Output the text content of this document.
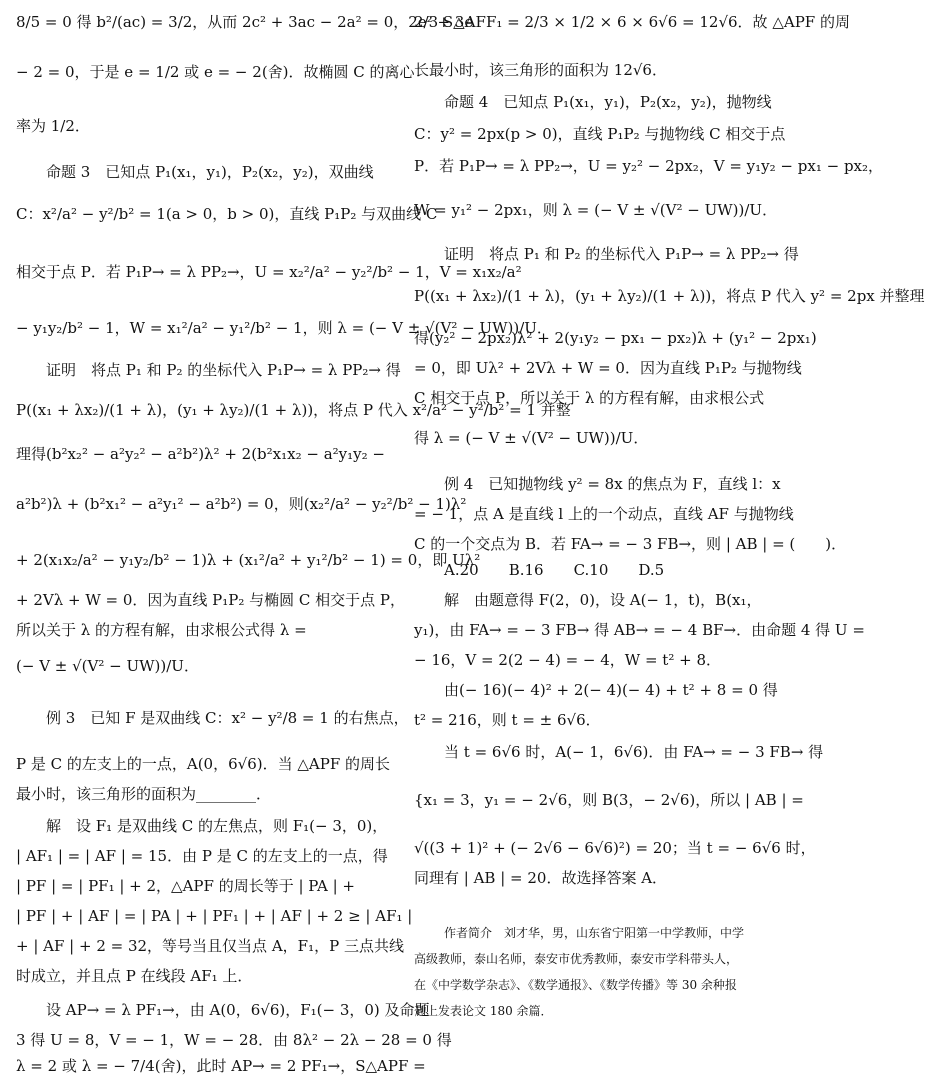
8/5 = 0 得 b²/(ac) = 3/2，从而 2c² + 3ac − 2a² = 0，2e² + 3e
− 2 = 0，于是 e = 1/2 或 e = − 2(舍)．故椭圆 C 的离心
率为 1/2．
命题 3　已知点 P₁(x₁，y₁)，P₂(x₂，y₂)，双曲线
C：x²/a² − y²/b² = 1(a > 0，b > 0)，直线 P₁P₂ 与双曲线 C
相交于点 P．若 P₁P→ = λ PP₂→，U = x₂²/a² − y₂²/b² − 1，V = x₁x₂/a²
− y₁y₂/b² − 1，W = x₁²/a² − y₁²/b² − 1，则 λ = (− V ± √(V² − UW))/U．
证明　将点 P₁ 和 P₂ 的坐标代入 P₁P→ = λ PP₂→ 得
P((x₁ + λx₂)/(1 + λ)，(y₁ + λy₂)/(1 + λ))，将点 P 代入 x²/a² − y²/b² = 1 并整
理得(b²x₂² − a²y₂² − a²b²)λ² + 2(b²x₁x₂ − a²y₁y₂ −
a²b²)λ + (b²x₁² − a²y₁² − a²b²) = 0，则(x₂²/a² − y₂²/b² − 1)λ²
+ 2(x₁x₂/a² − y₁y₂/b² − 1)λ + (x₁²/a² + y₁²/b² − 1) = 0，即 Uλ²
+ 2Vλ + W = 0．因为直线 P₁P₂ 与椭圆 C 相交于点 P，
所以关于 λ 的方程有解，由求根公式得 λ =
(− V ± √(V² − UW))/U．
例 3　已知 F 是双曲线 C：x² − y²/8 = 1 的右焦点，
P 是 C 的左支上的一点，A(0，6√6)．当 △APF 的周长
最小时，该三角形的面积为________．
解　设 F₁ 是双曲线 C 的左焦点，则 F₁(− 3，0)，
| AF₁ | = | AF | = 15．由 P 是 C 的左支上的一点，得
| PF | = | PF₁ | + 2，△APF 的周长等于 | PA | +
| PF | + | AF | = | PA | + | PF₁ | + | AF | + 2 ≥ | AF₁ |
+ | AF | + 2 = 32，等号当且仅当点 A，F₁，P 三点共线
时成立，并且点 P 在线段 AF₁ 上．
设 AP→ = λ PF₁→，由 A(0，6√6)，F₁(− 3，0) 及命题
3 得 U = 8，V = − 1，W = − 28．由 8λ² − 2λ − 28 = 0 得
λ = 2 或 λ = − 7/4(舍)，此时 AP→ = 2 PF₁→，S△APF =
2/3 S△AFF₁ = 2/3 × 1/2 × 6 × 6√6 = 12√6．故 △APF 的周
长最小时，该三角形的面积为 12√6．
命题 4　已知点 P₁(x₁，y₁)，P₂(x₂，y₂)，抛物线
C：y² = 2px(p > 0)，直线 P₁P₂ 与抛物线 C 相交于点
P．若 P₁P→ = λ PP₂→，U = y₂² − 2px₂，V = y₁y₂ − px₁ − px₂，
W = y₁² − 2px₁，则 λ = (− V ± √(V² − UW))/U．
证明　将点 P₁ 和 P₂ 的坐标代入 P₁P→ = λ PP₂→ 得
P((x₁ + λx₂)/(1 + λ)，(y₁ + λy₂)/(1 + λ))，将点 P 代入 y² = 2px 并整理
得(y₂² − 2px₂)λ² + 2(y₁y₂ − px₁ − px₂)λ + (y₁² − 2px₁)
= 0，即 Uλ² + 2Vλ + W = 0．因为直线 P₁P₂ 与抛物线
C 相交于点 P，所以关于 λ 的方程有解，由求根公式
得 λ = (− V ± √(V² − UW))/U．
例 4　已知抛物线 y² = 8x 的焦点为 F，直线 l：x
= − 1，点 A 是直线 l 上的一个动点，直线 AF 与抛物线
C 的一个交点为 B．若 FA→ = − 3 FB→，则 | AB | = (　　)．
A.20　　B.16　　C.10　　D.5
解　由题意得 F(2，0)，设 A(− 1，t)，B(x₁，
y₁)，由 FA→ = − 3 FB→ 得 AB→ = − 4 BF→．由命题 4 得 U =
− 16，V = 2(2 − 4) = − 4，W = t² + 8．
由(− 16)(− 4)² + 2(− 4)(− 4) + t² + 8 = 0 得
t² = 216，则 t = ± 6√6．
当 t = 6√6 时，A(− 1，6√6)．由 FA→ = − 3 FB→ 得
{x₁ = 3，y₁ = − 2√6，则 B(3，− 2√6)，所以 | AB | =
√((3 + 1)² + (− 2√6 − 6√6)²) = 20；当 t = − 6√6 时，
同理有 | AB | = 20．故选择答案 A．
作者简介　刘才华，男，山东省宁阳第一中学教师，中学
高级教师，泰山名师，泰安市优秀教师，泰安市学科带头人，
在《中学数学杂志》、《数学通报》、《数学传播》等 30 余种报
刊上发表论文 180 余篇．
